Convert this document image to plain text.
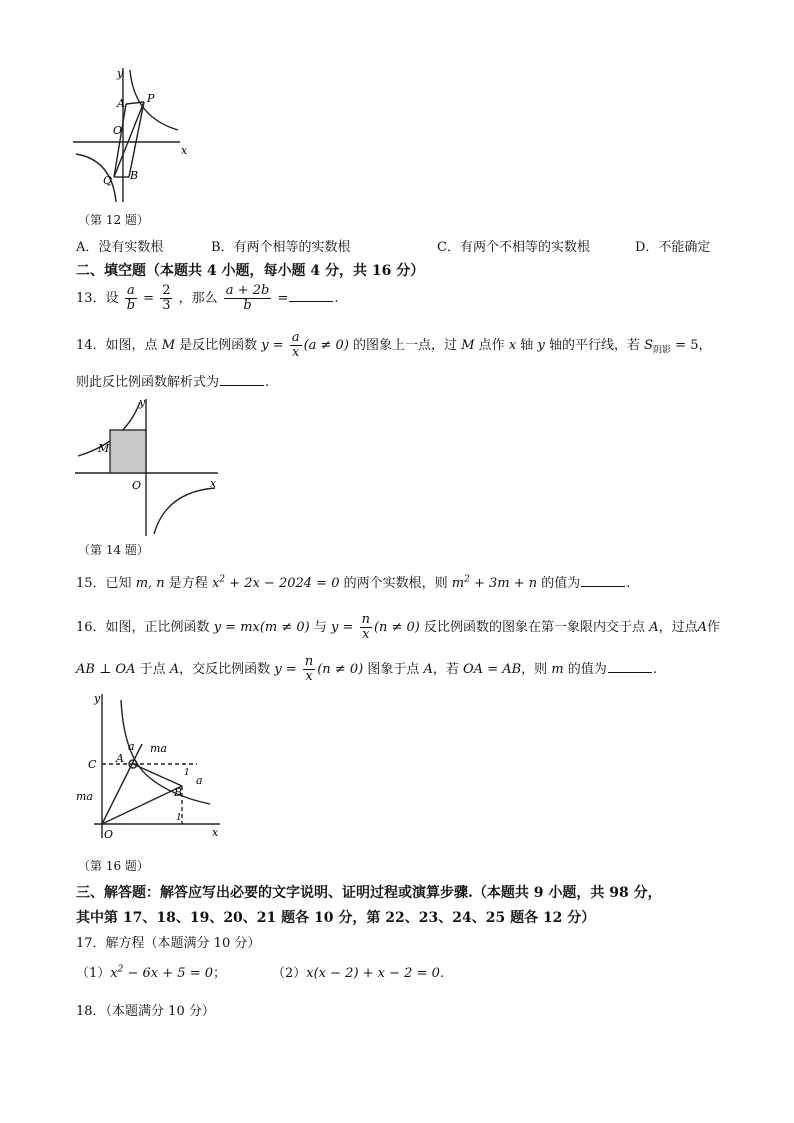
y
x
A P
O
Q B
（第 12 题）
A．没有实数根	B．有两个相等的实数根	C．有两个不相等的实数根	D．不能确定
二、填空题（本题共 4 小题，每小题 4 分，共 16 分）
13．设 $\frac{a}{b} = \frac{2}{3}$ ，那么 $\frac{a + 2b}{b}$ =	.
14．如图，点 M 是反比例函数 $y = \frac{a}{x} (a \ne 0)$ 的图象上一点，过 M 点作 x 轴 y 轴的平行线，若 $S_{阴影} = 5$，
则此反比例函数解析式为	.
y
x
M
O
（第 14 题）
15．已知 m, n 是方程 $x^2 + 2x - 2024 = 0$ 的两个实数根，则 $m^2 + 3m + n$ 的值为	.
16．如图，正比例函数 y = mx(m ≠ 0) 与 $y = \frac{n}{x} (n \ne 0)$ 反比例函数的图象在第一象限内交于点 A，过点A作
AB ⊥ OA 于点 A，交反比例函数 $y = \frac{n}{x} (n \ne 0)$ 图象于点 A，若 OA = AB，则 m 的值为	.
y
x
O
A
B
C
a ma
ma
a
1
1
（第 16 题）
三、解答题：解答应写出必要的文字说明、证明过程或演算步骤.（本题共 9 小题，共 98 分，
其中第 17、18、19、20、21 题各 10 分，第 22、23、24、25 题各 12 分）
17．解方程（本题满分 10 分）
$(1)x^2 - 6x + 5 = 0$；	（2）x(x − 2) + x − 2 = 0.
18．（本题满分 10 分）
